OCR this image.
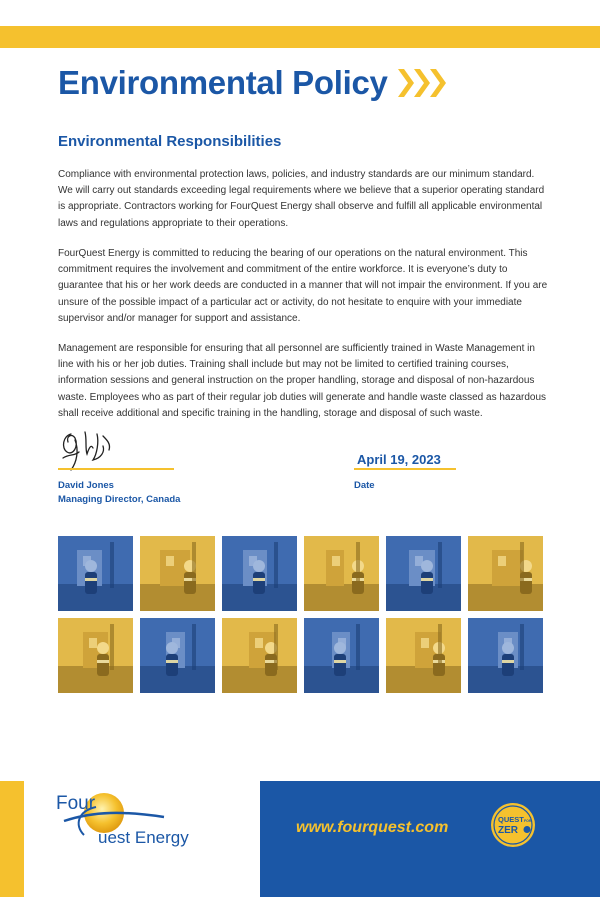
Environmental Policy
Environmental Responsibilities

Compliance with environmental protection laws, policies, and industry standards are our minimum standard. We will carry out standards exceeding legal requirements where we believe that a superior operating standard is appropriate. Contractors working for FourQuest Energy shall observe and fulfill all applicable environmental laws and regulations appropriate to their operations.

FourQuest Energy is committed to reducing the bearing of our operations on the natural environment. This commitment requires the involvement and commitment of the entire workforce. It is everyone’s duty to guarantee that his or her work deeds are conducted in a manner that will not impair the environment. If you are unsure of the possible impact of a particular act or activity, do not hesitate to enquire with your immediate supervisor and/or manager for support and assistance.

Management are responsible for ensuring that all personnel are sufficiently trained in Waste Management in line with his or her job duties. Training shall include but may not be limited to certified training courses, information sessions and general instruction on the proper handling, storage and disposal of non-hazardous waste. Employees who as part of their regular job duties will generate and handle waste classed as hazardous shall receive additional and specific training in the handling, storage and disposal of such waste.

David Jones
Managing Director, Canada
April 19, 2023
Date
Four
uest Energy
www.fourquest.com	QUEST FOR
ZER
